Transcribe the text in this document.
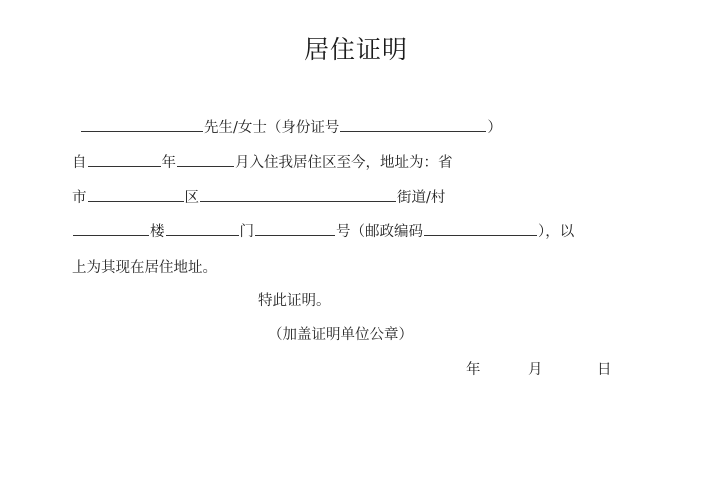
居住证明
先生/女士（身份证号	）
自	年	月入住我居住区至今，地址为：省
市	区	街道/村
楼	门	号（邮政编码	），以
上为其现在居住地址。
特此证明。
（加盖证明单位公章）
年	月	日
